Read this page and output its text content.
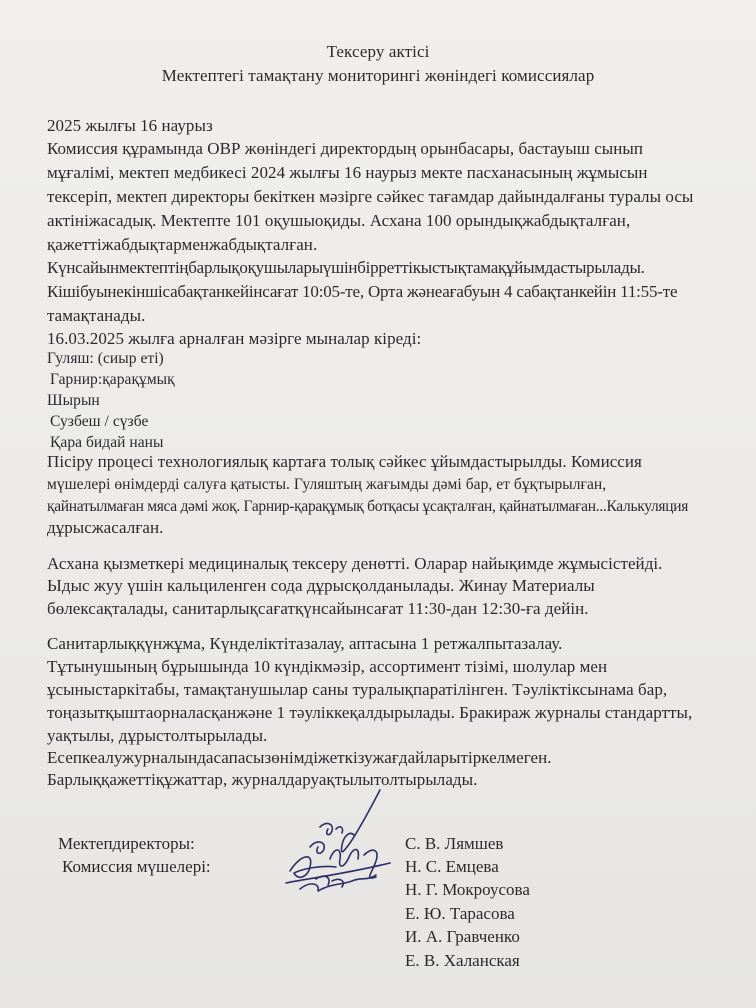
Тексеру актісі
Мектептегі тамақтану мониторингі жөніндегі комиссиялар
2025 жылғы 16 наурыз
Комиссия құрамында ОВР жөніндегі директордың орынбасары, бастауыш сынып
мұғалімі, мектеп медбикесі 2024 жылғы 16 наурыз мекте пасханасының жұмысын
тексеріп, мектеп директоры бекіткен мәзірге сәйкес тағамдар дайындалғаны туралы осы
актініжасадық. Мектепте 101 оқушыоқиды. Асхана 100 орындықжабдықталған,
қажеттіжабдықтарменжабдықталған.
Күнсайынмектептіңбарлықоқушыларыүшінбірреттікыстықтамақұйымдастырылады.
Кішібуынекіншісабақтанкейінсағат 10:05-те, Орта жәнеағабуын 4 сабақтанкейін 11:55-те
тамақтанады.
16.03.2025 жылға арналған мәзірге мыналар кіреді:
Гуляш: (сиыр еті)
Гарнир:қарақұмық
Шырын
Сузбеш / сүзбе
Қара бидай наны
Пісіру процесі технологиялық картаға толық сәйкес ұйымдастырылды. Комиссия
мүшелері өнімдерді салуға қатысты. Гуляштың жағымды дәмі бар, ет бұқтырылған,
қайнатылмаған мяса дәмі жоқ. Гарнир-қарақұмық ботқасы ұсақталған, қайнатылмаған...Калькуляция
дұрысжасалған.
Асхана қызметкері медициналық тексеру денөтті. Оларар найықимде жұмысістейді.
Ыдыс жуу үшін кальциленген сода дұрысқолданылады. Жинау Материалы
бөлексақталады, санитарлықсағатқүнсайынсағат 11:30-дан 12:30-ға дейін.
Санитарлыққүнжұма, Күнделіктітазалау, аптасына 1 ретжалпытазалау.
Тұтынушының бұрышында 10 күндікмәзір, ассортимент тізімі, шолулар мен
ұсыныстаркітабы, тамақтанушылар саны туралықпаратілінген. Тәуліктіксынама бар,
тоңазытқыштаорналасқанжәне 1 тәуліккеқалдырылады. Бракираж журналы стандартты,
уақтылы, дұрыстолтырылады.
Есепкеалужурналындасапасызөнімдіжеткізужағдайларытіркелмеген.
Барлыққажеттіқұжаттар, журналдаруақтылытолтырылады.
Мектепдиректоры:
Комиссия мүшелері:
С. В. Лямшев
Н. С. Емцева
Н. Г. Мокроусова
Е. Ю. Тарасова
И. А. Гравченко
Е. В. Халанская
